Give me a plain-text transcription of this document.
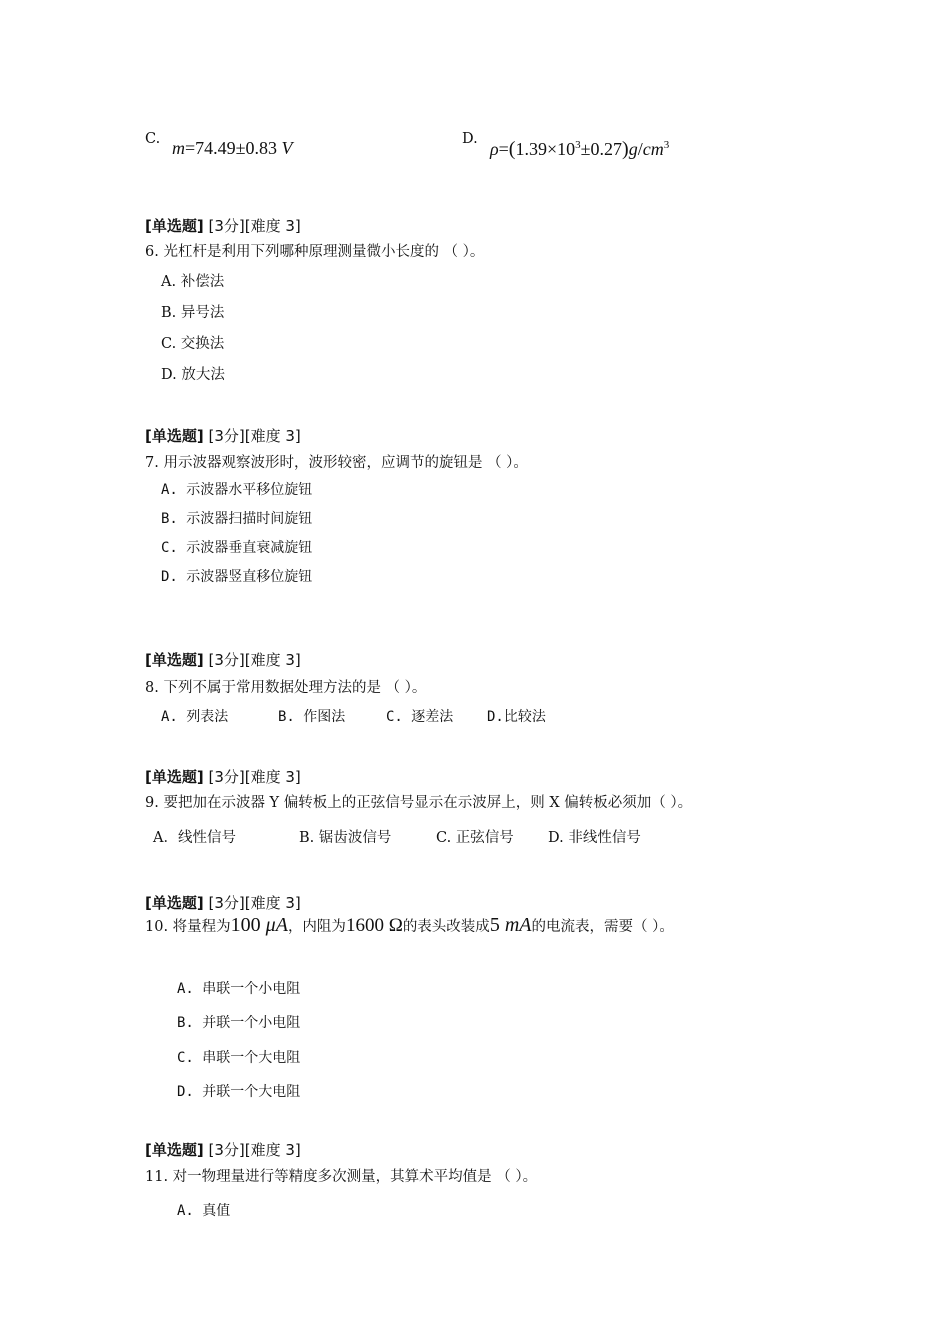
C. m=74.49±0.83 V	D. $\rho=(1.39\times 10^3\pm 0.27)g/cm^3$
[单选题] [3分][难度 3]
6. 光杠杆是利用下列哪种原理测量微小长度的 （ ）。
A. 补偿法
B. 异号法
C. 交换法
D. 放大法
[单选题] [3分][难度 3]
7. 用示波器观察波形时，波形较密，应调节的旋钮是 （ ）。
A. 示波器水平移位旋钮
B. 示波器扫描时间旋钮
C. 示波器垂直衰减旋钮
D. 示波器竖直移位旋钮
[单选题] [3分][难度 3]
8. 下列不属于常用数据处理方法的是 （ ）。
A. 列表法	B. 作图法	C. 逐差法 D.比较法
[单选题] [3分][难度 3]
9. 要把加在示波器 Y 偏转板上的正弦信号显示在示波屏上，则 X 偏转板必须加（ ）。
A．线性信号	B. 锯齿波信号	C. 正弦信号 D. 非线性信号
[单选题] [3分][难度 3]
10. 将量程为100 μA，内阻为1600 Ω的表头改装成5 mA的电流表，需要（ ）。
A. 串联一个小电阻
B. 并联一个小电阻
C. 串联一个大电阻
D. 并联一个大电阻
[单选题] [3分][难度 3]
11. 对一物理量进行等精度多次测量，其算术平均值是 （ ）。
A. 真值
